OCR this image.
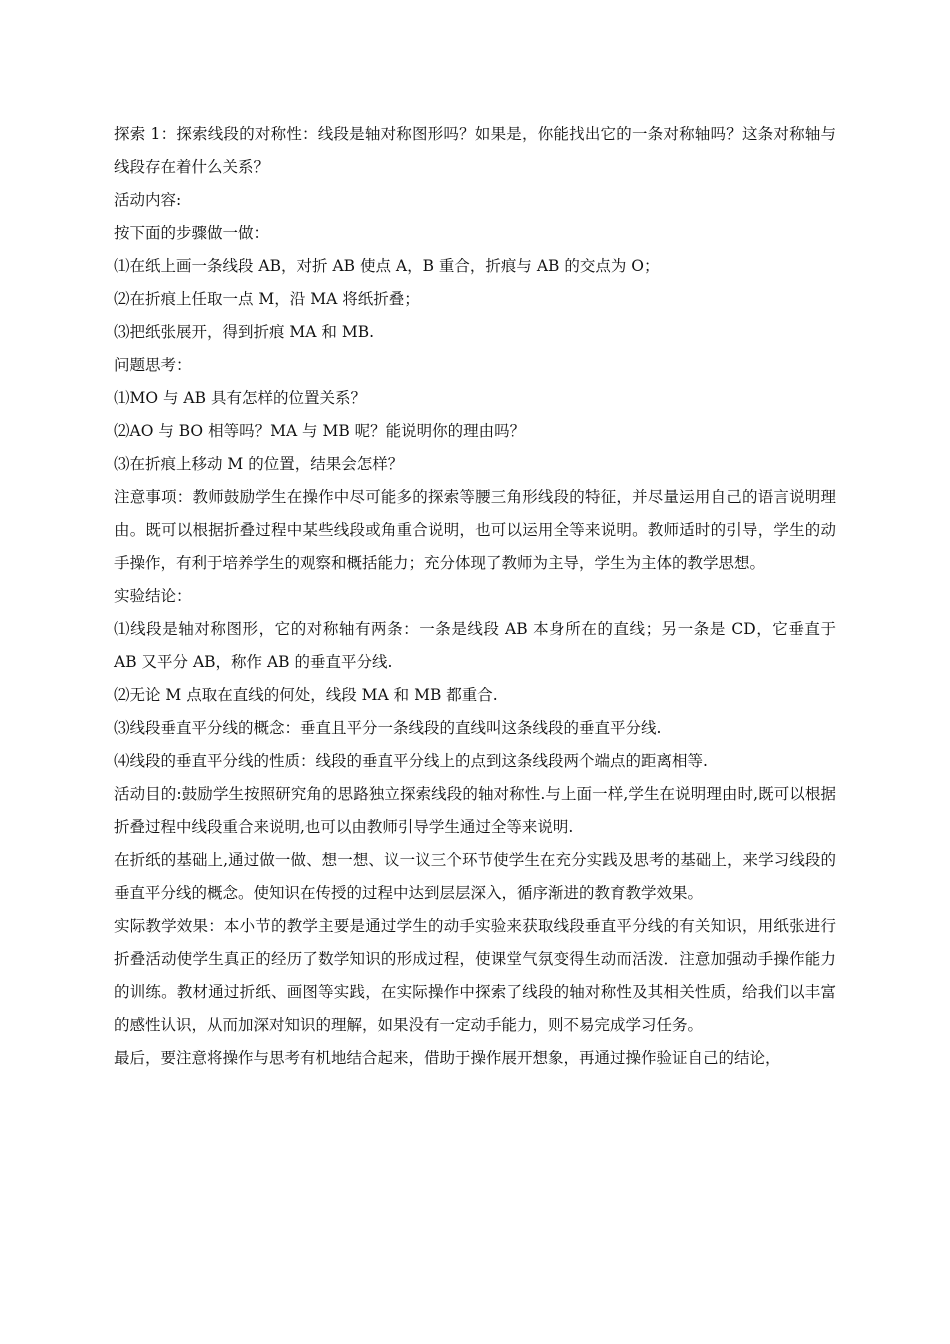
探索 1：探索线段的对称性：线段是轴对称图形吗？如果是，你能找出它的一条对称轴吗？这条对称轴与线段存在着什么关系？
活动内容:
按下面的步骤做一做：
⑴在纸上画一条线段 AB，对折 AB 使点 A，B 重合，折痕与 AB 的交点为 O；
⑵在折痕上任取一点 M，沿 MA 将纸折叠；
⑶把纸张展开，得到折痕 MA 和 MB.
问题思考：
⑴MO 与 AB 具有怎样的位置关系？
⑵AO 与 BO 相等吗？MA 与 MB 呢？能说明你的理由吗？
⑶在折痕上移动 M 的位置，结果会怎样？
注意事项：教师鼓励学生在操作中尽可能多的探索等腰三角形线段的特征，并尽量运用自己的语言说明理由。既可以根据折叠过程中某些线段或角重合说明，也可以运用全等来说明。教师适时的引导，学生的动手操作，有利于培养学生的观察和概括能力；充分体现了教师为主导，学生为主体的教学思想。
实验结论：
⑴线段是轴对称图形，它的对称轴有两条：一条是线段 AB 本身所在的直线；另一条是 CD，它垂直于 AB 又平分 AB，称作 AB 的垂直平分线.
⑵无论 M 点取在直线的何处，线段 MA 和 MB 都重合.
⑶线段垂直平分线的概念：垂直且平分一条线段的直线叫这条线段的垂直平分线.
⑷线段的垂直平分线的性质：线段的垂直平分线上的点到这条线段两个端点的距离相等.
活动目的:鼓励学生按照研究角的思路独立探索线段的轴对称性.与上面一样,学生在说明理由时,既可以根据折叠过程中线段重合来说明,也可以由教师引导学生通过全等来说明.
在折纸的基础上,通过做一做、想一想、议一议三个环节使学生在充分实践及思考的基础上，来学习线段的垂直平分线的概念。使知识在传授的过程中达到层层深入，循序渐进的教育教学效果。
实际教学效果：本小节的教学主要是通过学生的动手实验来获取线段垂直平分线的有关知识，用纸张进行折叠活动使学生真正的经历了数学知识的形成过程，使课堂气氛变得生动而活泼．注意加强动手操作能力的训练。教材通过折纸、画图等实践，在实际操作中探索了线段的轴对称性及其相关性质，给我们以丰富的感性认识，从而加深对知识的理解，如果没有一定动手能力，则不易完成学习任务。
最后，要注意将操作与思考有机地结合起来，借助于操作展开想象，再通过操作验证自己的结论，
